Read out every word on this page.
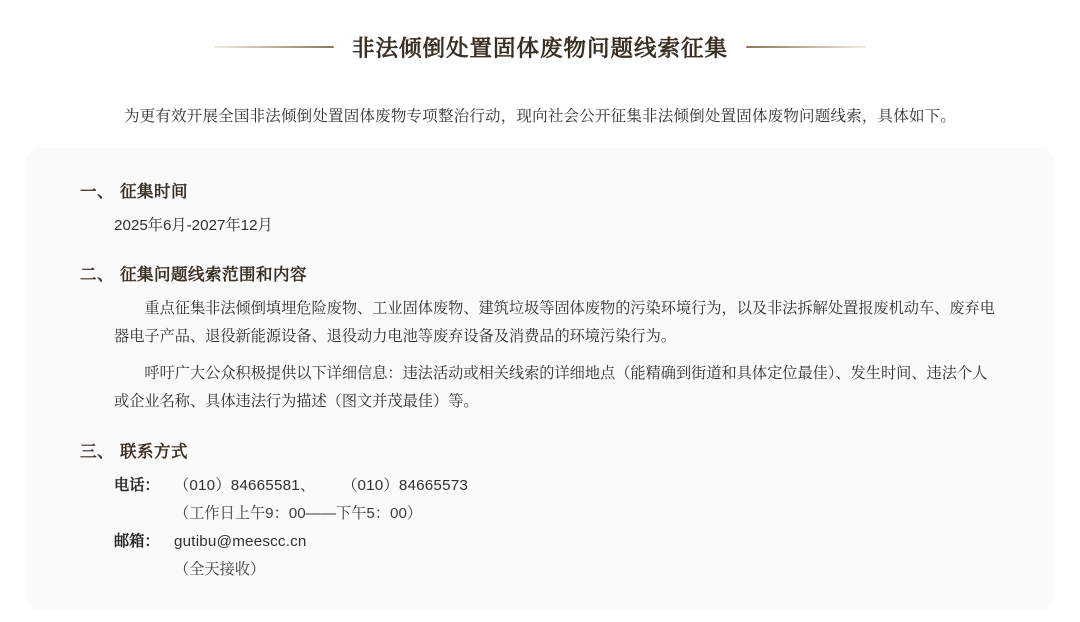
非法倾倒处置固体废物问题线索征集

为更有效开展全国非法倾倒处置固体废物专项整治行动，现向社会公开征集非法倾倒处置固体废物问题线索，具体如下。

一、 征集时间
2025年6月-2027年12月
二、 征集问题线索范围和内容

重点征集非法倾倒填埋危险废物、工业固体废物、建筑垃圾等固体废物的污染环境行为，以及非法拆解处置报废机动车、废弃电器电子产品、退役新能源设备、退役动力电池等废弃设备及消费品的环境污染行为。

呼吁广大公众积极提供以下详细信息：违法活动或相关线索的详细地点（能精确到街道和具体定位最佳）、发生时间、违法个人或企业名称、具体违法行为描述（图文并茂最佳）等。

三、 联系方式
电话： （010）84665581、 （010）84665573
（工作日上午9：00——下午5：00）
邮箱： gutibu@meescc.cn
（全天接收）
